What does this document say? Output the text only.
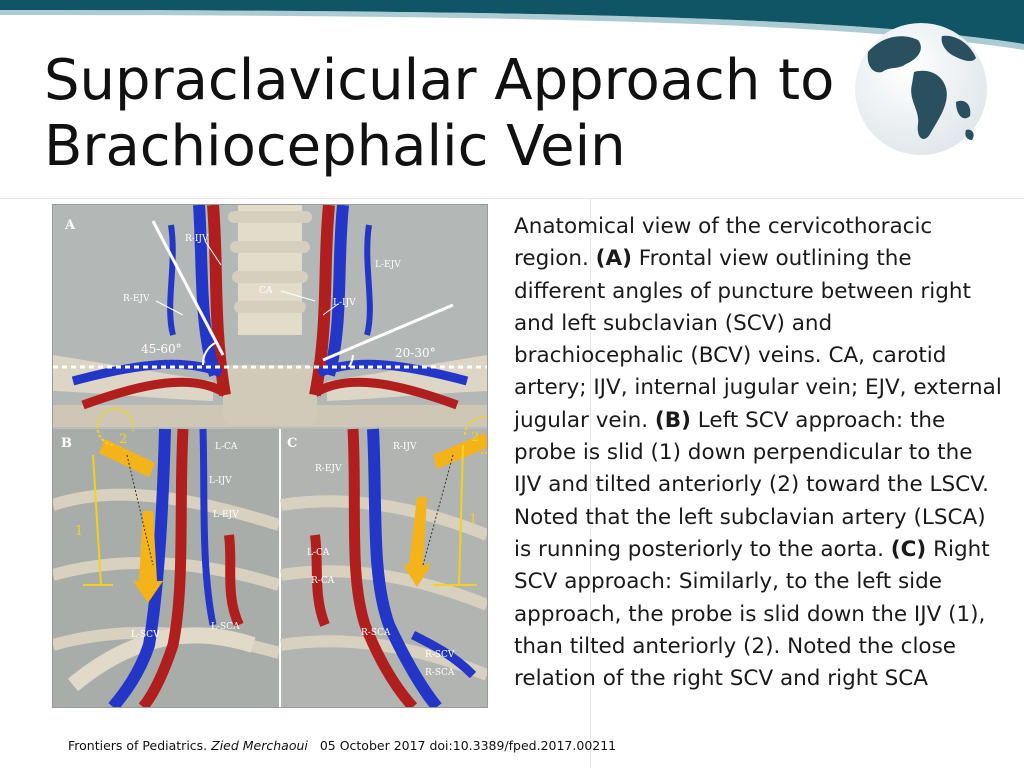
Supraclavicular Approach to
Brachiocephalic Vein
A
R-IJV
L-EJV
R-EJV
CA
L-IJV
45-60°	20-30°
B	L-CA
L-IJV
L-EJV
L-SCV
L-SCA
1
2	C	R-IJV
R-EJV
L-CA
R-CA
R-SCA
R-SCV
R-SCA
1
2
Anatomical view of the cervicothoracic region. (A) Frontal view outlining the different angles of puncture between right and left subclavian (SCV) and brachiocephalic (BCV) veins. CA, carotid artery; IJV, internal jugular vein; EJV, external jugular vein. (B) Left SCV approach: the probe is slid (1) down perpendicular to the IJV and tilted anteriorly (2) toward the LSCV. Noted that the left subclavian artery (LSCA) is running posteriorly to the aorta. (C) Right SCV approach: Similarly, to the left side approach, the probe is slid down the IJV (1), than tilted anteriorly (2). Noted the close relation of the right SCV and right SCA
Frontiers of Pediatrics. Zied Merchaoui 05 October 2017 doi:10.3389/fped.2017.00211
